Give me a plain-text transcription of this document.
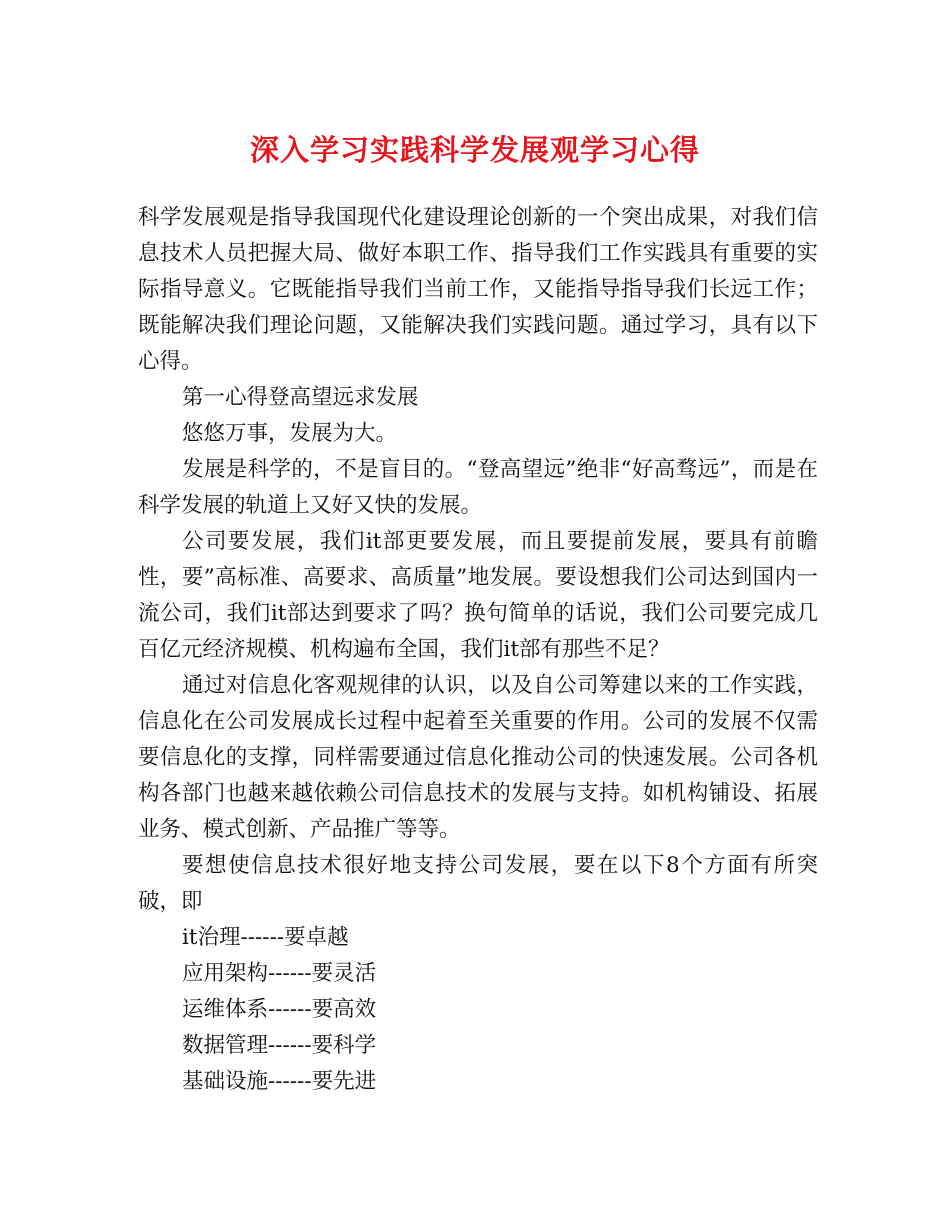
深入学习实践科学发展观学习心得

科学发展观是指导我国现代化建设理论创新的一个突出成果，对我们信息技术人员把握大局、做好本职工作、指导我们工作实践具有重要的实际指导意义。它既能指导我们当前工作，又能指导指导我们长远工作；既能解决我们理论问题，又能解决我们实践问题。通过学习，具有以下心得。

第一心得登高望远求发展

悠悠万事，发展为大。

发展是科学的，不是盲目的。“登高望远”绝非“好高骛远”，而是在科学发展的轨道上又好又快的发展。

公司要发展，我们it部更要发展，而且要提前发展，要具有前瞻性，要”高标准、高要求、高质量”地发展。要设想我们公司达到国内一流公司，我们it部达到要求了吗？换句简单的话说，我们公司要完成几百亿元经济规模、机构遍布全国，我们it部有那些不足？

通过对信息化客观规律的认识，以及自公司筹建以来的工作实践，信息化在公司发展成长过程中起着至关重要的作用。公司的发展不仅需要信息化的支撑，同样需要通过信息化推动公司的快速发展。公司各机构各部门也越来越依赖公司信息技术的发展与支持。如机构铺设、拓展业务、模式创新、产品推广等等。

要想使信息技术很好地支持公司发展，要在以下8个方面有所突破，即

it治理------要卓越

应用架构------要灵活

运维体系------要高效

数据管理------要科学

基础设施------要先进
